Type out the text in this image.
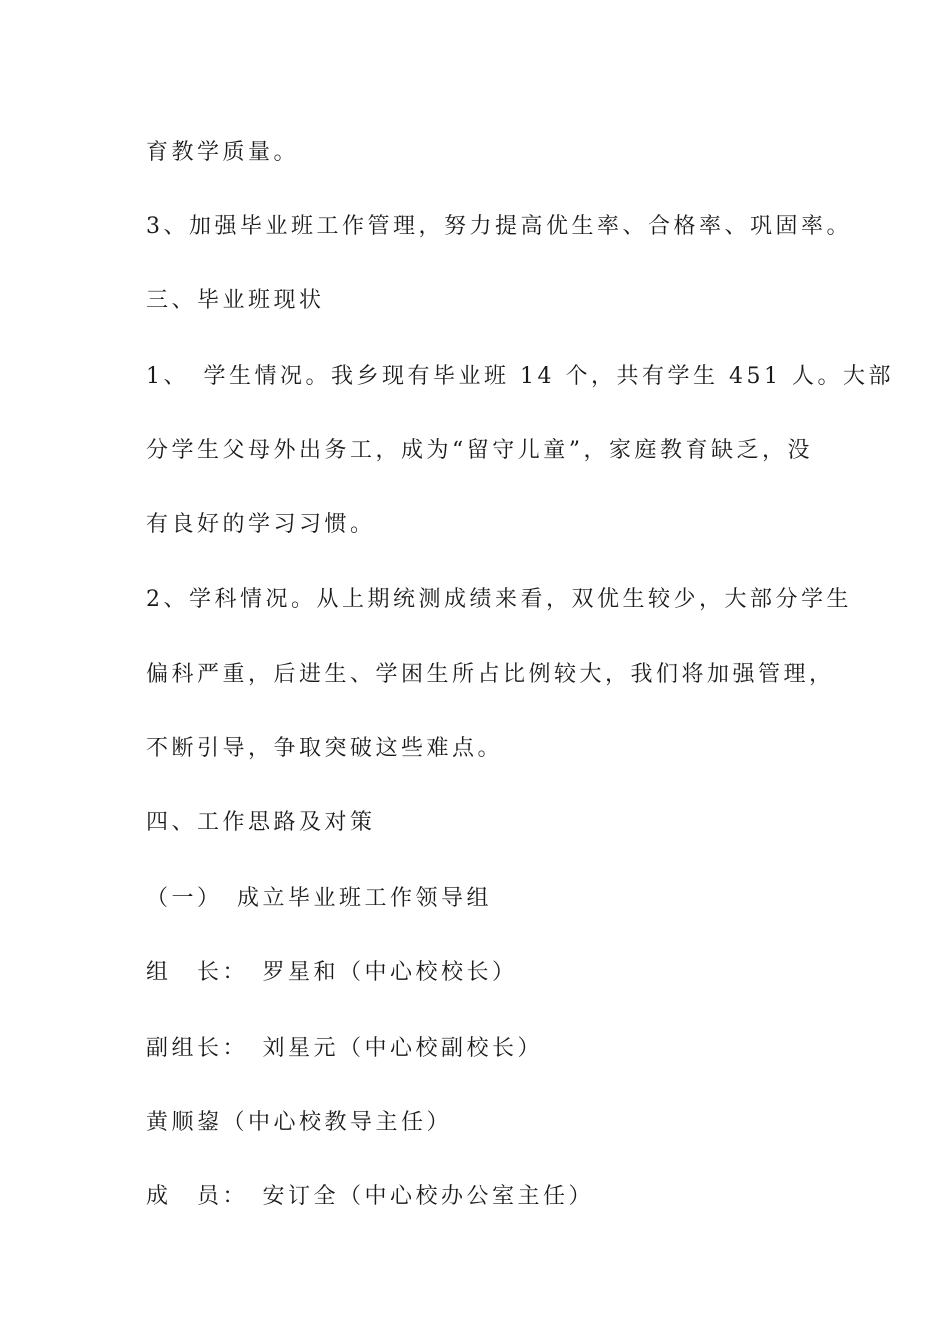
育教学质量。
3、加强毕业班工作管理，努力提高优生率、合格率、巩固率。
三、毕业班现状
1、　学生情况。我乡现有毕业班 14 个，共有学生 451 人。大部
分学生父母外出务工，成为“留守儿童”，家庭教育缺乏，没
有良好的学习习惯。
2、学科情况。从上期统测成绩来看，双优生较少，大部分学生
偏科严重，后进生、学困生所占比例较大，我们将加强管理，
不断引导，争取突破这些难点。
四、工作思路及对策
（一）　成立毕业班工作领导组
组　长：　罗星和（中心校校长）
副组长：　刘星元（中心校副校长）
黄顺鋆（中心校教导主任）
成　员：　安订全（中心校办公室主任）
